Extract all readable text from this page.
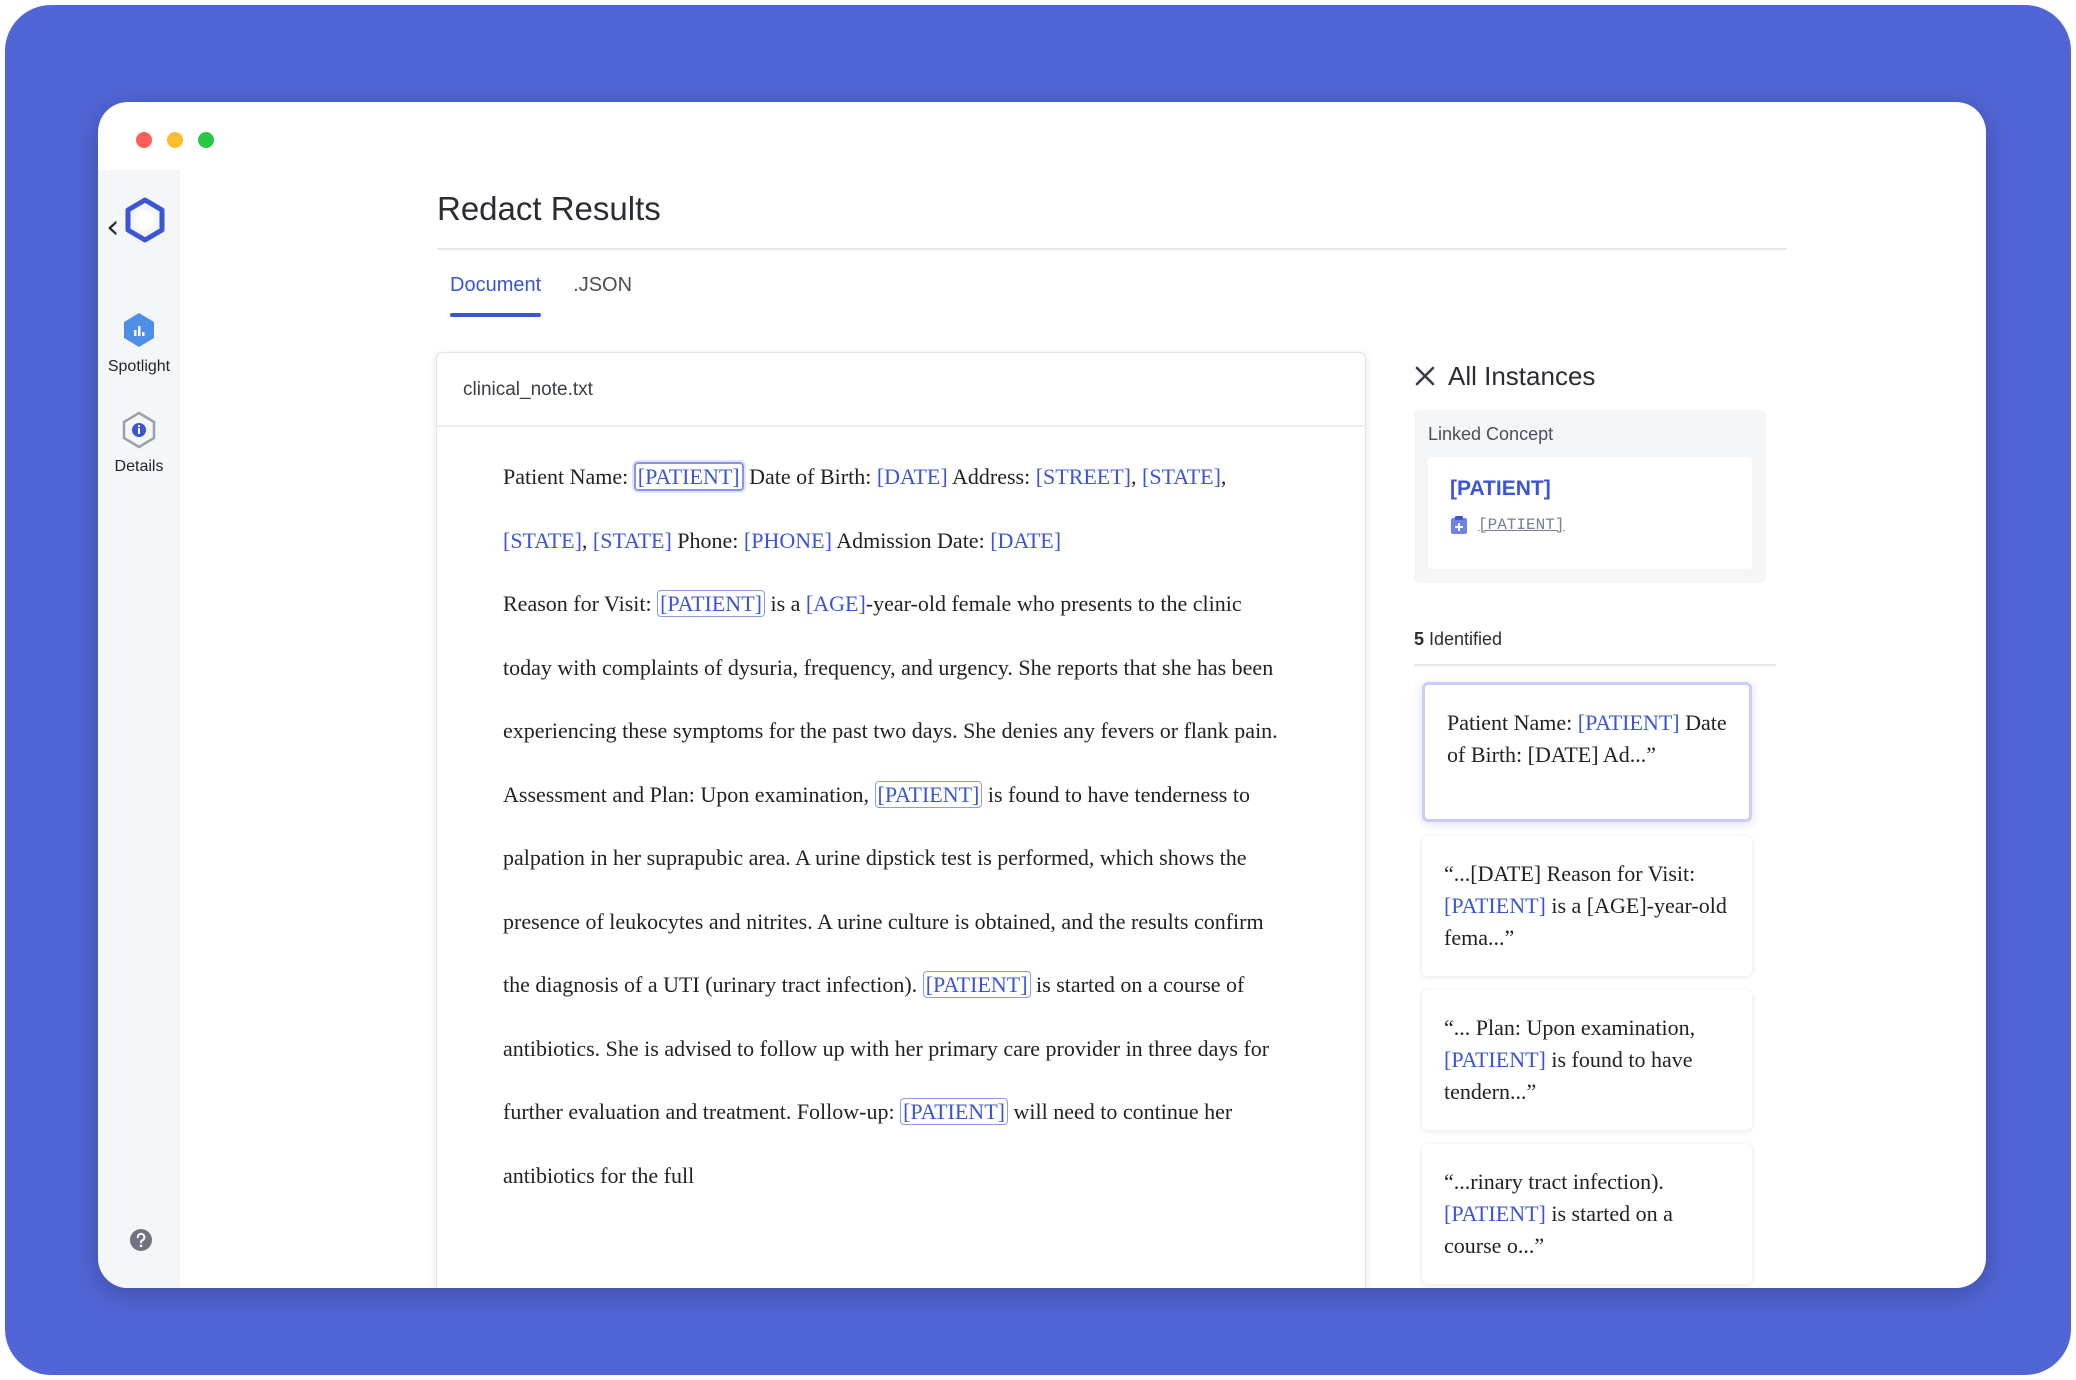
‹
Spotlight
Details
Redact Results
Document .JSON
clinical_note.txt
Patient Name: [PATIENT] Date of Birth: [DATE] Address: [STREET], [STATE], [STATE], [STATE] Phone: [PHONE] Admission Date: [DATE]
Reason for Visit: [PATIENT] is a [AGE]-year-old female who presents to the clinic today with complaints of dysuria, frequency, and urgency. She reports that she has been experiencing these symptoms for the past two days. She denies any fevers or flank pain. Assessment and Plan: Upon examination, [PATIENT] is found to have tenderness to palpation in her suprapubic area. A urine dipstick test is performed, which shows the presence of leukocytes and nitrites. A urine culture is obtained, and the results confirm the diagnosis of a UTI (urinary tract infection). [PATIENT] is started on a course of antibiotics. She is advised to follow up with her primary care provider in three days for further evaluation and treatment. Follow-up: [PATIENT] will need to continue her antibiotics for the full
All Instances
Linked Concept
[PATIENT]
[PATIENT]
5 Identified
Patient Name: [PATIENT] Date of Birth: [DATE] Ad...”
“...[DATE] Reason for Visit: [PATIENT] is a [AGE]-year-old fema...”
“... Plan: Upon examination, [PATIENT] is found to have tendern...”
“...rinary tract infection). [PATIENT] is started on a course o...”
